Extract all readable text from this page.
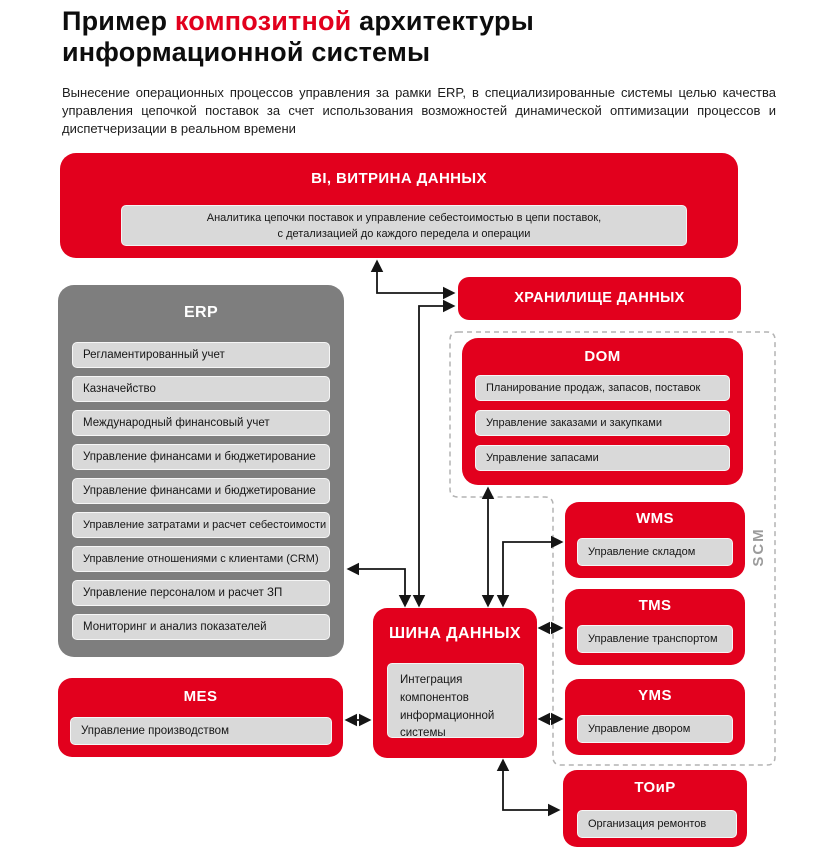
Пример композитной архитектуры
информационной системы

Вынесение операционных процессов управления за рамки ERP, в специализированные системы целью качества управления цепочкой поставок за счет использования возможностей динамической оптимизации процессов и диспетчеризации в реальном времени

BI, ВИТРИНА ДАННЫХ
Аналитика цепочки поставок и управление себестоимостью в цепи поставок,
с детализацией до каждого передела и операции
ERP
Регламентированный учет
Казначейство
Международный финансовый учет
Управление финансами и бюджетирование
Управление финансами и бюджетирование
Управление затратами и расчет себестоимости
Управление отношениями с клиентами (CRM)
Управление персоналом и расчет ЗП
Мониторинг и анализ показателей
ХРАНИЛИЩЕ ДАННЫХ
DOM
Планирование продаж, запасов, поставок
Управление заказами и закупками
Управление запасами
WMS
Управление складом
TMS
Управление транспортом
YMS
Управление двором
SCM
ШИНА ДАННЫХ
Интеграция компонентов информационной системы
MES
Управление производством
ТОиР
Организация ремонтов
